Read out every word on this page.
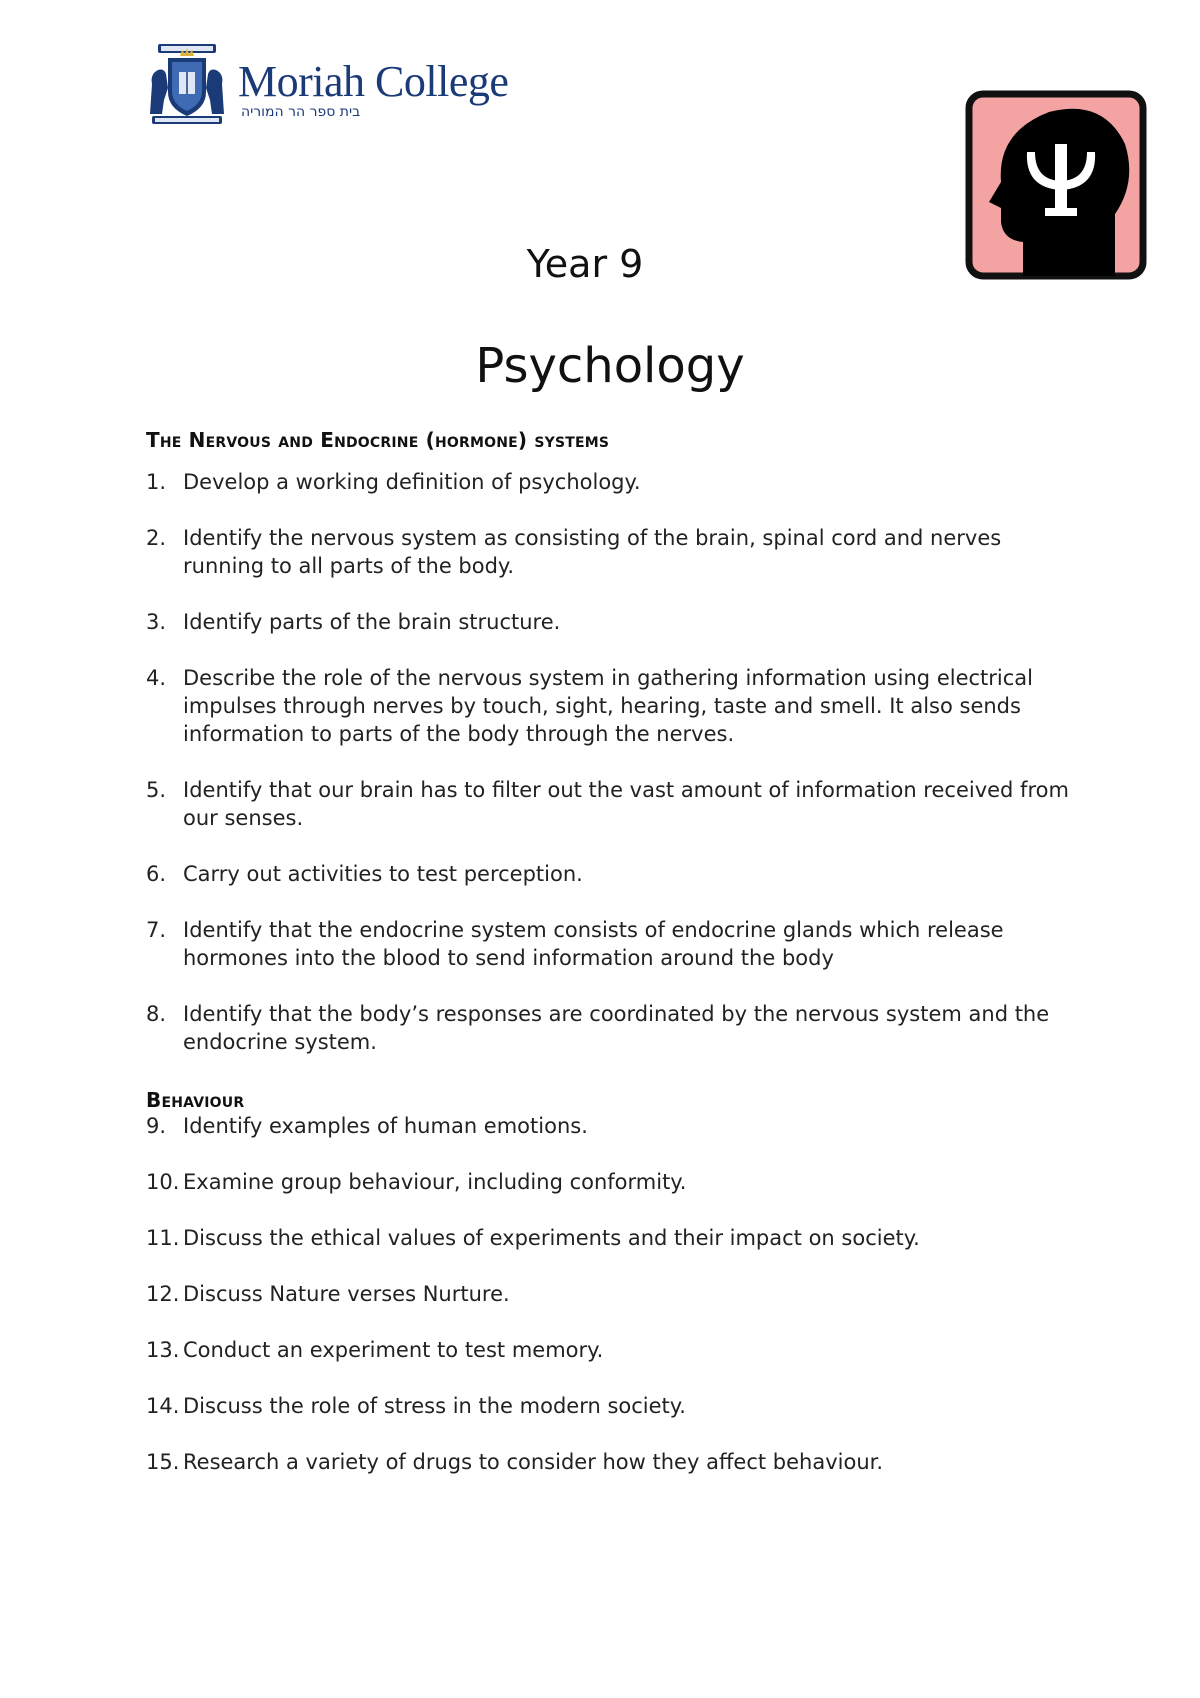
Moriah College
בית ספר הר המוריה
Year 9
Psychology
The Nervous and Endocrine (hormone) systems
1. Develop a working definition of psychology.
2. Identify the nervous system as consisting of the brain, spinal cord and nerves running to all parts of the body.
3. Identify parts of the brain structure.
4. Describe the role of the nervous system in gathering information using electrical impulses through nerves by touch, sight, hearing, taste and smell. It also sends information to parts of the body through the nerves.
5. Identify that our brain has to filter out the vast amount of information received from our senses.
6. Carry out activities to test perception.
7. Identify that the endocrine system consists of endocrine glands which release hormones into the blood to send information around the body
8. Identify that the body’s responses are coordinated by the nervous system and the endocrine system.
Behaviour
9. Identify examples of human emotions.
10. Examine group behaviour, including conformity.
11. Discuss the ethical values of experiments and their impact on society.
12. Discuss Nature verses Nurture.
13. Conduct an experiment to test memory.
14. Discuss the role of stress in the modern society.
15. Research a variety of drugs to consider how they affect behaviour.
